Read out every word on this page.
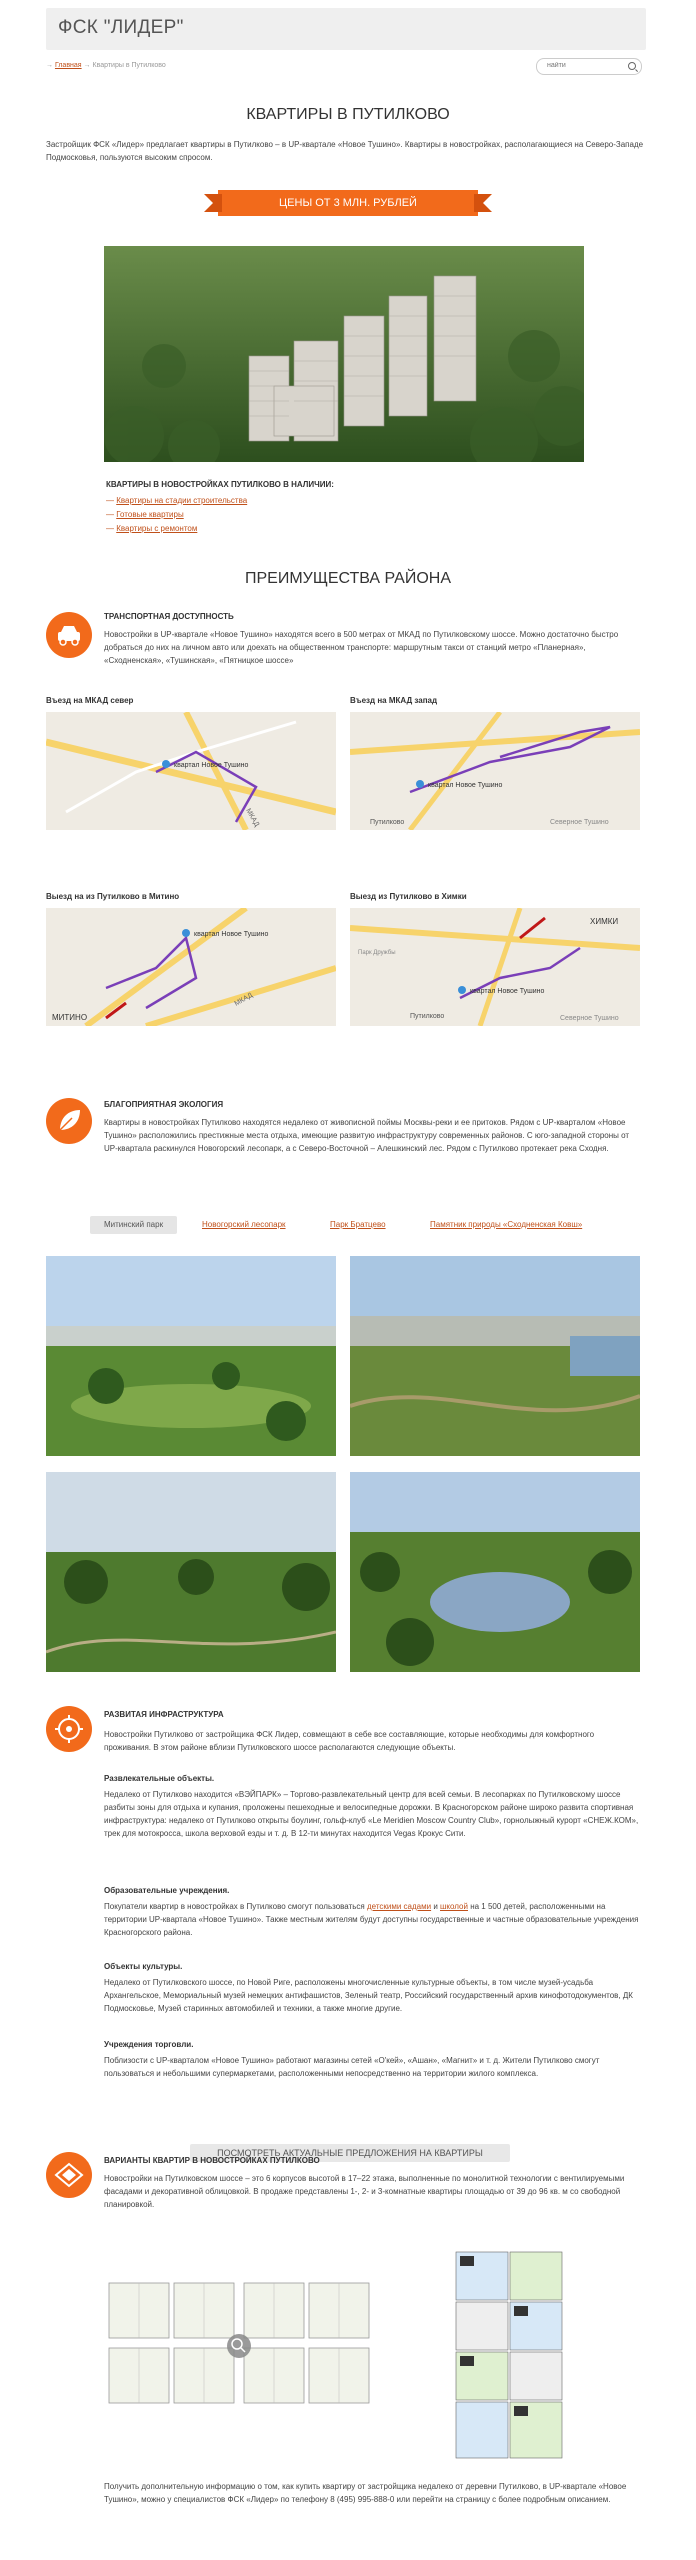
ФСК "ЛИДЕР"
→ Главная → Квартиры в Путилково
найти
КВАРТИРЫ В ПУТИЛКОВО
Застройщик ФСК «Лидер» предлагает квартиры в Путилково – в UP-квартале «Новое Тушино». Квартиры в новостройках, располагающиеся на Северо-Западе Подмосковья, пользуются высоким спросом.
ЦЕНЫ ОТ 3 МЛН. РУБЛЕЙ
КВАРТИРЫ В НОВОСТРОЙКАХ ПУТИЛКОВО В НАЛИЧИИ:
— Квартиры на стадии строительства
— Готовые квартиры
— Квартиры с ремонтом
ПРЕИМУЩЕСТВА РАЙОНА
ТРАНСПОРТНАЯ ДОСТУПНОСТЬ
Новостройки в UP-квартале «Новое Тушино» находятся всего в 500 метрах от МКАД по Путилковскому шоссе. Можно достаточно быстро добраться до них на личном авто или доехать на общественном транспорте: маршрутным такси от станций метро «Планерная», «Сходненская», «Тушинская», «Пятницкое шоссе»
Въезд на МКАД север
квартал Новое Тушино
МКАД
Въезд на МКАД запад
квартал Новое Тушино
Путилково	Северное Тушино
Выезд на из Путилково в Митино
квартал Новое Тушино
МИТИНО
МКАД
Выезд из Путилково в Химки
квартал Новое Тушино
ХИМКИ
Путилково	Северное Тушино
Парк Дружбы
БЛАГОПРИЯТНАЯ ЭКОЛОГИЯ
Квартиры в новостройках Путилково находятся недалеко от живописной поймы Москвы-реки и ее притоков. Рядом с UP-кварталом «Новое Тушино» расположились престижные места отдыха, имеющие развитую инфраструктуру современных районов. С юго-западной стороны от UP-квартала раскинулся Новогорский лесопарк, а с Северо-Восточной – Алешкинский лес. Рядом с Путилково протекает река Сходня.
Митинский парк	Новогорский лесопарк	Парк Братцево	Памятник природы «Сходненская Ковш»
РАЗВИТАЯ ИНФРАСТРУКТУРА
Новостройки Путилково от застройщика ФСК Лидер, совмещают в себе все составляющие, которые необходимы для комфортного проживания. В этом районе вблизи Путилковского шоссе располагаются следующие объекты.
Развлекательные объекты.
Недалеко от Путилково находится «ВЭЙПАРК» – Торгово-развлекательный центр для всей семьи. В лесопарках по Путилковскому шоссе разбиты зоны для отдыха и купания, проложены пешеходные и велосипедные дорожки. В Красногорском районе широко развита спортивная инфраструктура: недалеко от Путилково открыты боулинг, гольф-клуб «Le Meridien Moscow Country Club», горнолыжный курорт «СНЕЖ.КОМ», трек для мотокросса, школа верховой езды и т. д. В 12-ти минутах находится Vegas Крокус Сити.
Образовательные учреждения.
Покупатели квартир в новостройках в Путилково смогут пользоваться детскими садами и школой на 1 500 детей, расположенными на территории UP-квартала «Новое Тушино». Также местным жителям будут доступны государственные и частные образовательные учреждения Красногорского района.
Объекты культуры.
Недалеко от Путилковского шоссе, по Новой Риге, расположены многочисленные культурные объекты, в том числе музей-усадьба Архангельское, Мемориальный музей немецких антифашистов, Зеленый театр, Российский государственный архив кинофотодокументов, ДК Подмосковье, Музей старинных автомобилей и техники, а также многие другие.
Учреждения торговли.
Поблизости с UP-кварталом «Новое Тушино» работают магазины сетей «О'кей», «Ашан», «Магнит» и т. д. Жители Путилково смогут пользоваться и небольшими супермаркетами, расположенными непосредственно на территории жилого комплекса.
ПОСМОТРЕТЬ АКТУАЛЬНЫЕ ПРЕДЛОЖЕНИЯ НА КВАРТИРЫ
ВАРИАНТЫ КВАРТИР В НОВОСТРОЙКАХ ПУТИЛКОВО
Новостройки на Путилковском шоссе – это 6 корпусов высотой в 17–22 этажа, выполненные по монолитной технологии с вентилируемыми фасадами и декоративной облицовкой. В продаже представлены 1-, 2- и 3-комнатные квартиры площадью от 39 до 96 кв. м со свободной планировкой.
Получить дополнительную информацию о том, как купить квартиру от застройщика недалеко от деревни Путилково, в UP-квартале «Новое Тушино», можно у специалистов ФСК «Лидер» по телефону 8 (495) 995-888-0 или перейти на страницу с более подробным описанием.
